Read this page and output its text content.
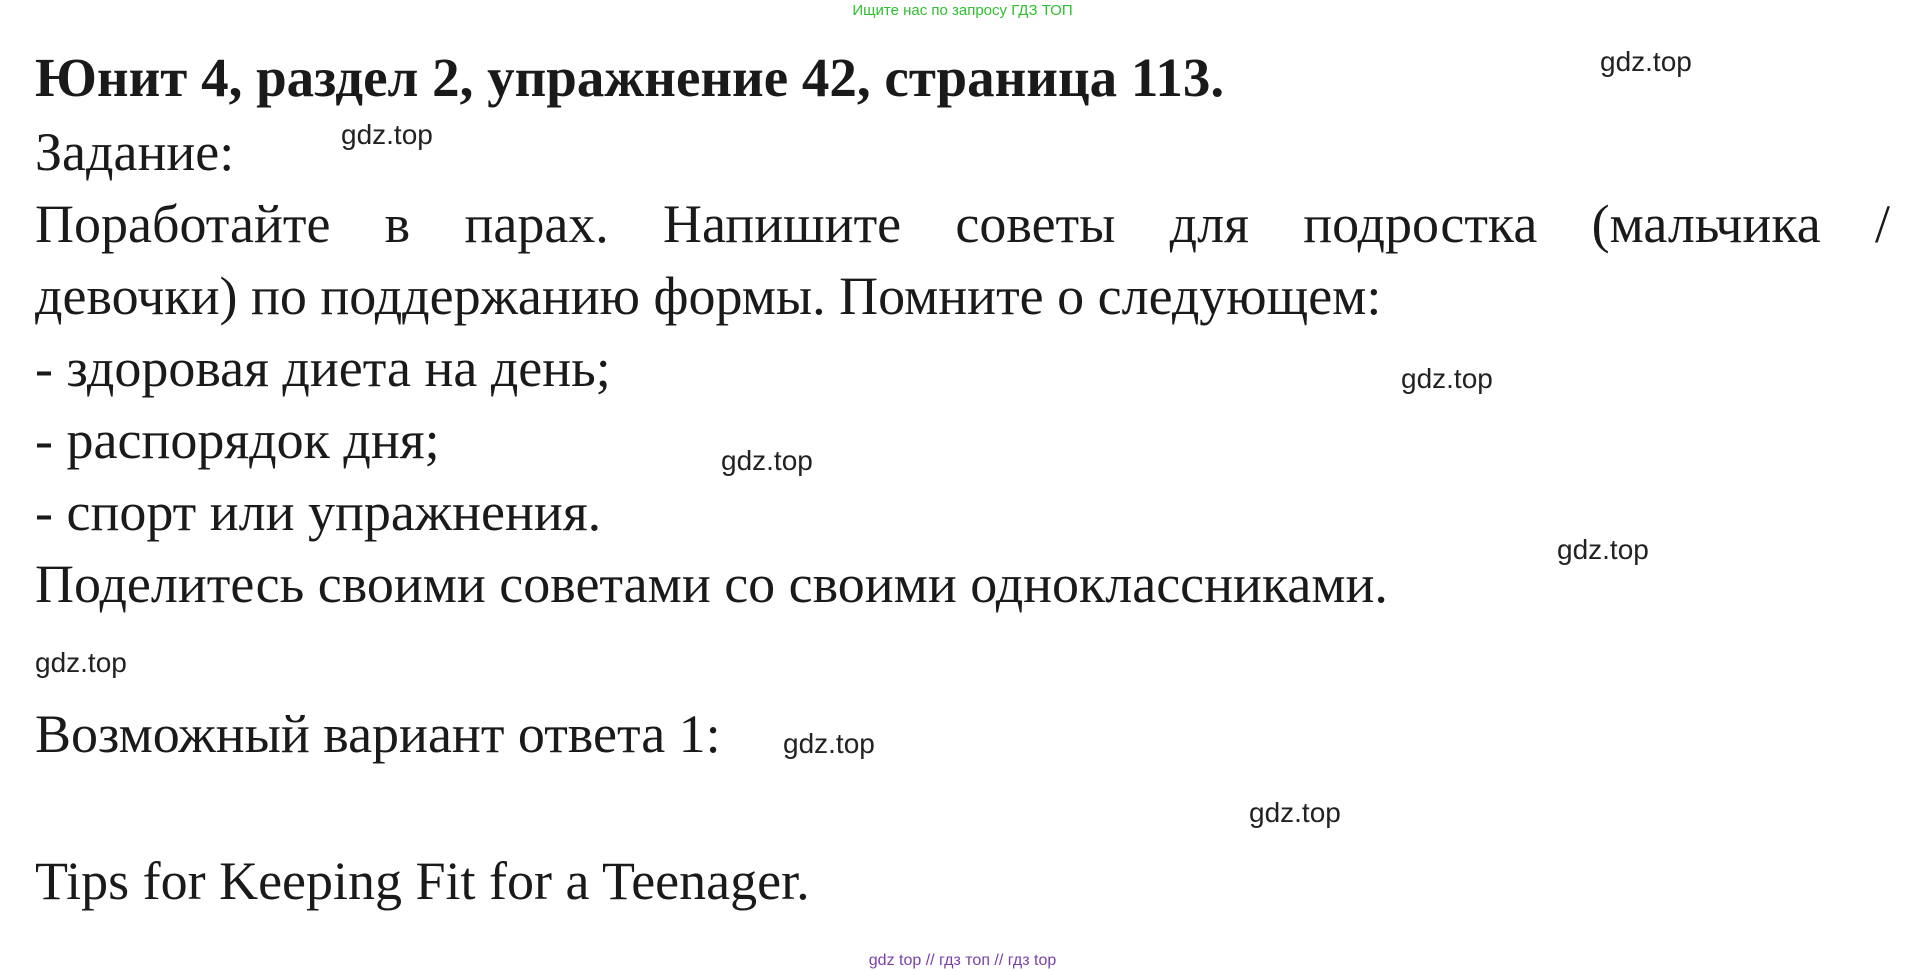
Ищите нас по запросу ГДЗ ТОП
Юнит 4, раздел 2, упражнение 42, страница 113.

Задание:

Поработайте в парах. Напишите советы для подростка (мальчика /

девочки) по поддержанию формы. Помните о следующем:

- здоровая диета на день;

- распорядок дня;

- спорт или упражнения.

Поделитесь своими советами со своими одноклассниками.

Возможный вариант ответа 1:

Tips for Keeping Fit for a Teenager.

gdz.top
gdz.top
gdz.top
gdz.top
gdz.top
gdz.top
gdz.top
gdz.top
gdz top // гдз топ // гдз top
